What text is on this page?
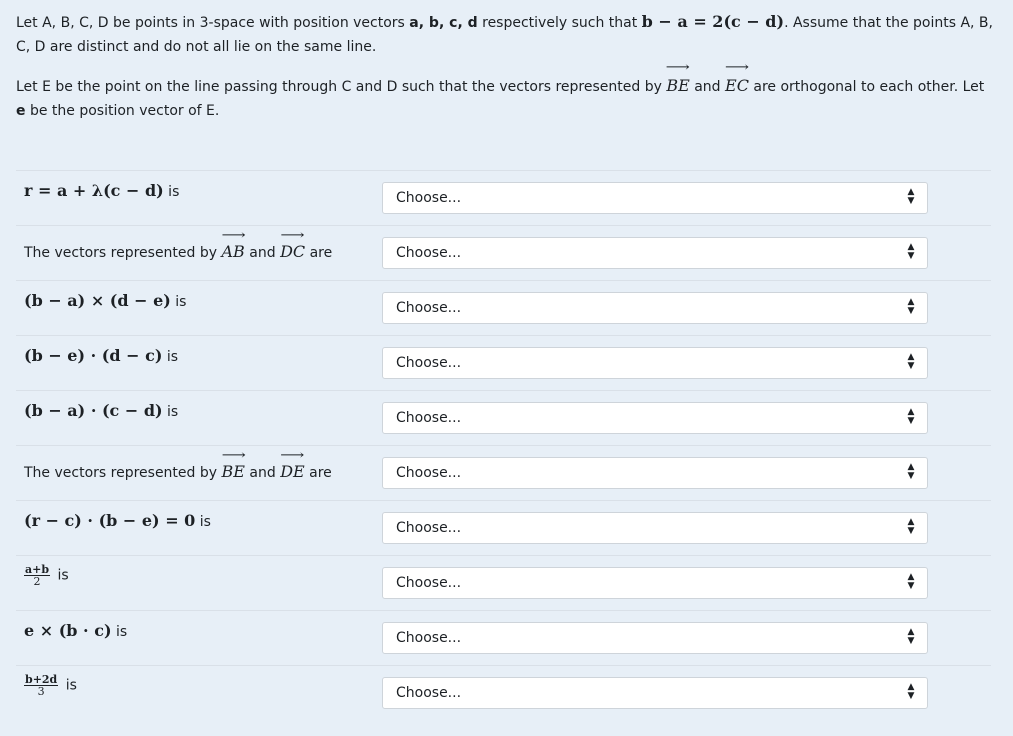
Let A, B, C, D be points in 3-space with position vectors a, b, c, d respectively such that b − a = 2(c − d). Assume that the points A, B, C, D are distinct and do not all lie on the same line.
Let E be the point on the line passing through C and D such that the vectors represented by ⟶ BE and ⟶ EC are orthogonal to each other. Let e be the position vector of E.
r = a + λ(c − d) is	Choose...	▲
▼
The vectors represented by ⟶ AB and ⟶ DC are	Choose...	▲
▼
(b − a) × (d − e) is	Choose...	▲
▼
(b − e) · (d − c) is	Choose...	▲
▼
(b − a) · (c − d) is	Choose...	▲
▼
The vectors represented by ⟶ BE and ⟶ DE are	Choose...	▲
▼
(r − c) · (b − e) = 0 is	Choose...	▲
▼
$\frac{a+b}{2}$ is	Choose...	▲
▼
e × (b · c) is	Choose...	▲
▼
$\frac{b+2d}{3}$ is	Choose...	▲
▼
